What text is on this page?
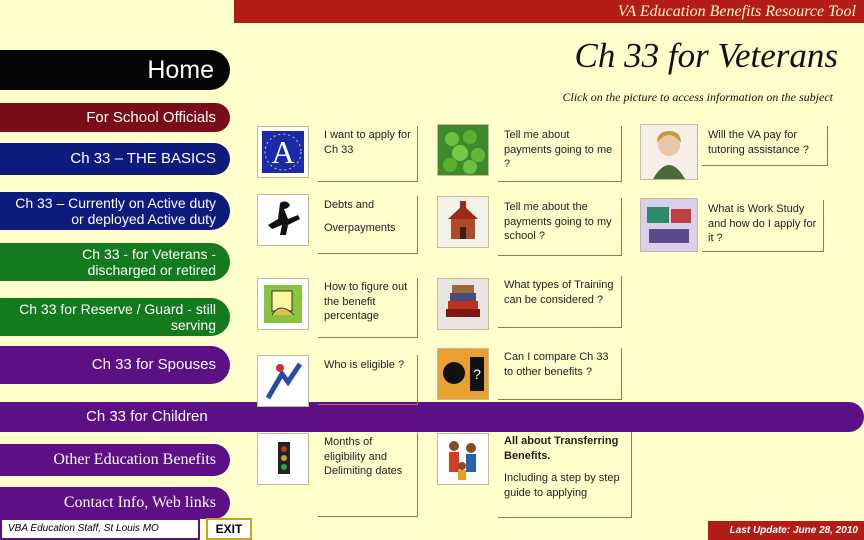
VA Education Benefits Resource Tool
Ch 33 for Veterans
Click on the picture to access information on the subject
Home
For School Officials
Ch 33 – THE BASICS
Ch 33 – Currently on Active duty or deployed Active duty
Ch 33 - for Veterans - discharged or retired
Ch 33 for Reserve / Guard - still serving
Ch 33 for Spouses
Ch 33 for Children
Other Education Benefits
Contact Info, Web links
A	I want to apply for Ch 33

Debts and

Overpayments

How to figure out the benefit percentage

Who is eligible ?

Months of eligibility and Delimiting dates

?

Tell me about payments going to me ?

Tell me about the payments going to my school ?

What types of Training can be considered ?

Can I compare Ch 33 to other benefits ?

All about Transferring Benefits.

Including a step by step guide to applying

Will the VA pay for tutoring assistance ?

What is Work Study and how do I apply for it ?

VBA Education Staff, St Louis MO	EXIT	Last Update: June 28, 2010
